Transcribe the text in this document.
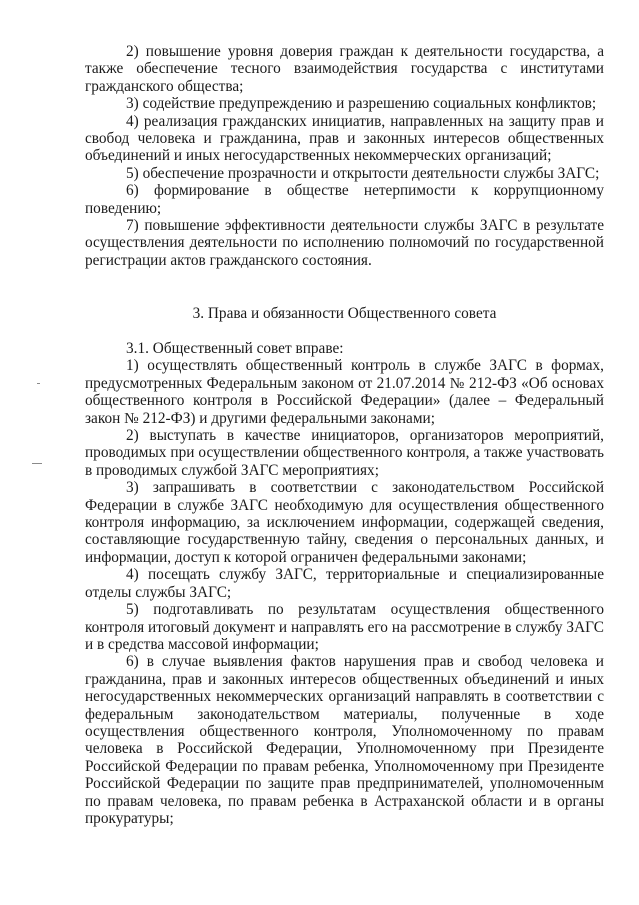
2) повышение уровня доверия граждан к деятельности государства, а также обеспечение тесного взаимодействия государства с институтами гражданского общества;

3) содействие предупреждению и разрешению социальных конфликтов;

4) реализация гражданских инициатив, направленных на защиту прав и свобод человека и гражданина, прав и законных интересов общественных объединений и иных негосударственных некоммерческих организаций;

5) обеспечение прозрачности и открытости деятельности службы ЗАГС;

6) формирование в обществе нетерпимости к коррупционному поведению;

7) повышение эффективности деятельности службы ЗАГС в результате осуществления деятельности по исполнению полномочий по государственной регистрации актов гражданского состояния.

3. Права и обязанности Общественного совета

3.1. Общественный совет вправе:

1) осуществлять общественный контроль в службе ЗАГС в формах, предусмотренных Федеральным законом от 21.07.2014 № 212-ФЗ «Об основах общественного контроля в Российской Федерации» (далее – Федеральный закон № 212-ФЗ) и другими федеральными законами;

2) выступать в качестве инициаторов, организаторов мероприятий, проводимых при осуществлении общественного контроля, а также участвовать в проводимых службой ЗАГС мероприятиях;

3) запрашивать в соответствии с законодательством Российской Федерации в службе ЗАГС необходимую для осуществления общественного контроля информацию, за исключением информации, содержащей сведения, составляющие государственную тайну, сведения о персональных данных, и информации, доступ к которой ограничен федеральными законами;

4) посещать службу ЗАГС, территориальные и специализированные отделы службы ЗАГС;

5) подготавливать по результатам осуществления общественного контроля итоговый документ и направлять его на рассмотрение в службу ЗАГС и в средства массовой информации;

6) в случае выявления фактов нарушения прав и свобод человека и гражданина, прав и законных интересов общественных объединений и иных негосударственных некоммерческих организаций направлять в соответствии с федеральным законодательством материалы, полученные в ходе осуществления общественного контроля, Уполномоченному по правам человека в Российской Федерации, Уполномоченному при Президенте Российской Федерации по правам ребенка, Уполномоченному при Президенте Российской Федерации по защите прав предпринимателей, уполномоченным по правам человека, по правам ребенка в Астраханской области и в органы прокуратуры;
